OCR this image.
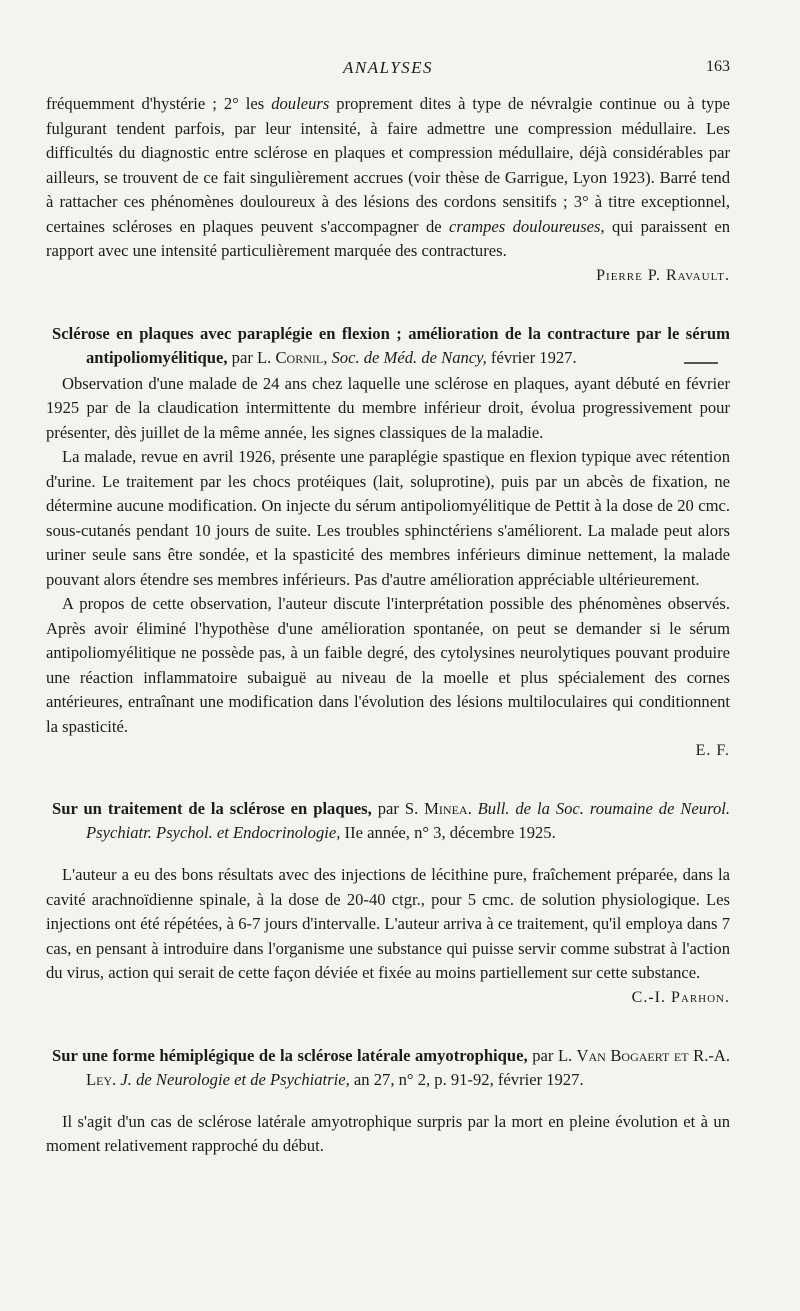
ANALYSES	163

fréquemment d'hystérie ; 2° les douleurs proprement dites à type de névralgie continue ou à type fulgurant tendent parfois, par leur intensité, à faire admettre une compression médullaire. Les difficultés du diagnostic entre sclérose en plaques et compression médullaire, déjà considérables par ailleurs, se trouvent de ce fait singulièrement accrues (voir thèse de Garrigue, Lyon 1923). Barré tend à rattacher ces phénomènes douloureux à des lésions des cordons sensitifs ; 3° à titre exceptionnel, certaines scléroses en plaques peuvent s'accompagner de crampes douloureuses, qui paraissent en rapport avec une intensité particulièrement marquée des contractures.

Pierre P. Ravault.
Sclérose en plaques avec paraplégie en flexion ; amélioration de la contracture par le sérum antipoliomyélitique, par L. Cornil, Soc. de Méd. de Nancy, février 1927.

Observation d'une malade de 24 ans chez laquelle une sclérose en plaques, ayant débuté en février 1925 par de la claudication intermittente du membre inférieur droit, évolua progressivement pour présenter, dès juillet de la même année, les signes classiques de la maladie.

La malade, revue en avril 1926, présente une paraplégie spastique en flexion typique avec rétention d'urine. Le traitement par les chocs protéiques (lait, soluprotine), puis par un abcès de fixation, ne détermine aucune modification. On injecte du sérum antipoliomyélitique de Pettit à la dose de 20 cmc. sous-cutanés pendant 10 jours de suite. Les troubles sphinctériens s'améliorent. La malade peut alors uriner seule sans être sondée, et la spasticité des membres inférieurs diminue nettement, la malade pouvant alors étendre ses membres inférieurs. Pas d'autre amélioration appréciable ultérieurement.

A propos de cette observation, l'auteur discute l'interprétation possible des phénomènes observés. Après avoir éliminé l'hypothèse d'une amélioration spontanée, on peut se demander si le sérum antipoliomyélitique ne possède pas, à un faible degré, des cytolysines neurolytiques pouvant produire une réaction inflammatoire subaiguë au niveau de la moelle et plus spécialement des cornes antérieures, entraînant une modification dans l'évolution des lésions multiloculaires qui conditionnent la spasticité.

E. F.
Sur un traitement de la sclérose en plaques, par S. Minea. Bull. de la Soc. roumaine de Neurol. Psychiatr. Psychol. et Endocrinologie, IIe année, n° 3, décembre 1925.

L'auteur a eu des bons résultats avec des injections de lécithine pure, fraîchement préparée, dans la cavité arachnoïdienne spinale, à la dose de 20-40 ctgr., pour 5 cmc. de solution physiologique. Les injections ont été répétées, à 6-7 jours d'intervalle. L'auteur arriva à ce traitement, qu'il employa dans 7 cas, en pensant à introduire dans l'organisme une substance qui puisse servir comme substrat à l'action du virus, action qui serait de cette façon déviée et fixée au moins partiellement sur cette substance.

C.-I. Parhon.
Sur une forme hémiplégique de la sclérose latérale amyotrophique, par L. Van Bogaert et R.-A. Ley. J. de Neurologie et de Psychiatrie, an 27, n° 2, p. 91-92, février 1927.

Il s'agit d'un cas de sclérose latérale amyotrophique surpris par la mort en pleine évolution et à un moment relativement rapproché du début.
